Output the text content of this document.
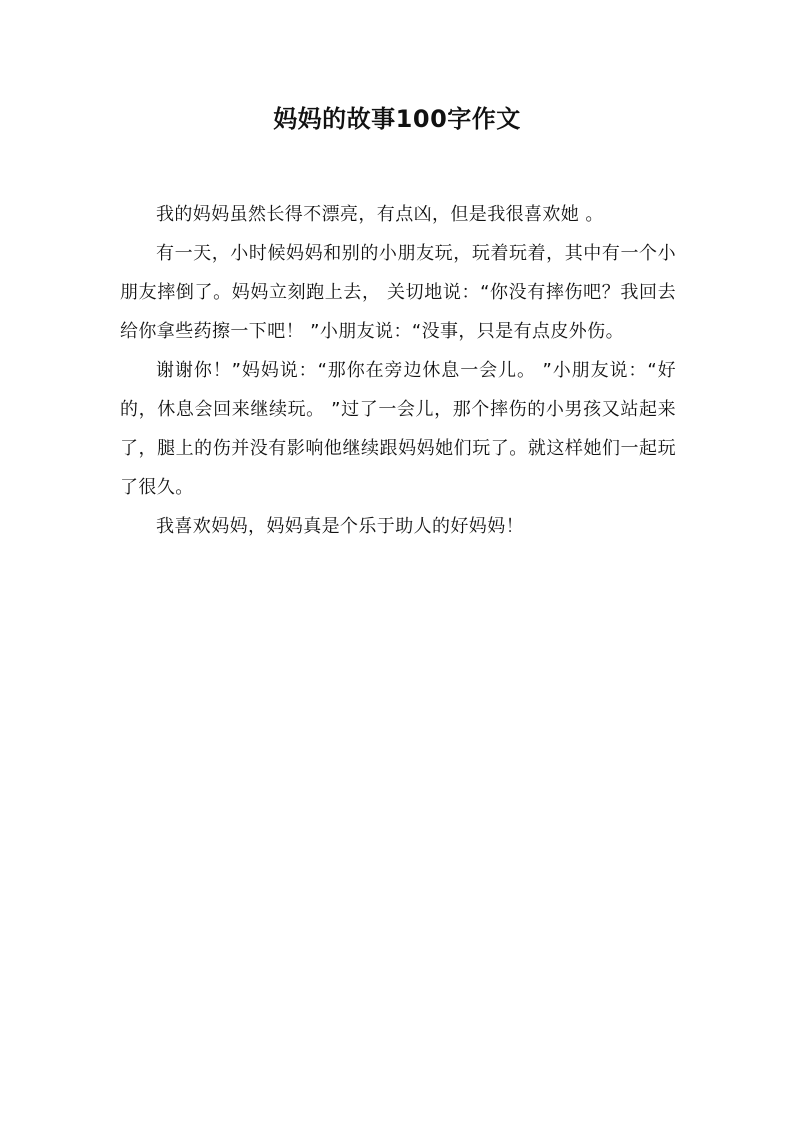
妈妈的故事100字作文

我的妈妈虽然长得不漂亮，有点凶，但是我很喜欢她 。

有一天，小时候妈妈和别的小朋友玩，玩着玩着，其中有一个小朋友摔倒了。妈妈立刻跑上去， 关切地说：“你没有摔伤吧？我回去给你拿些药擦一下吧！ ”小朋友说：“没事，只是有点皮外伤。

谢谢你！”妈妈说：“那你在旁边休息一会儿。 ”小朋友说：“好的，休息会回来继续玩。 ”过了一会儿，那个摔伤的小男孩又站起来了，腿上的伤并没有影响他继续跟妈妈她们玩了。就这样她们一起玩了很久。

我喜欢妈妈，妈妈真是个乐于助人的好妈妈！
